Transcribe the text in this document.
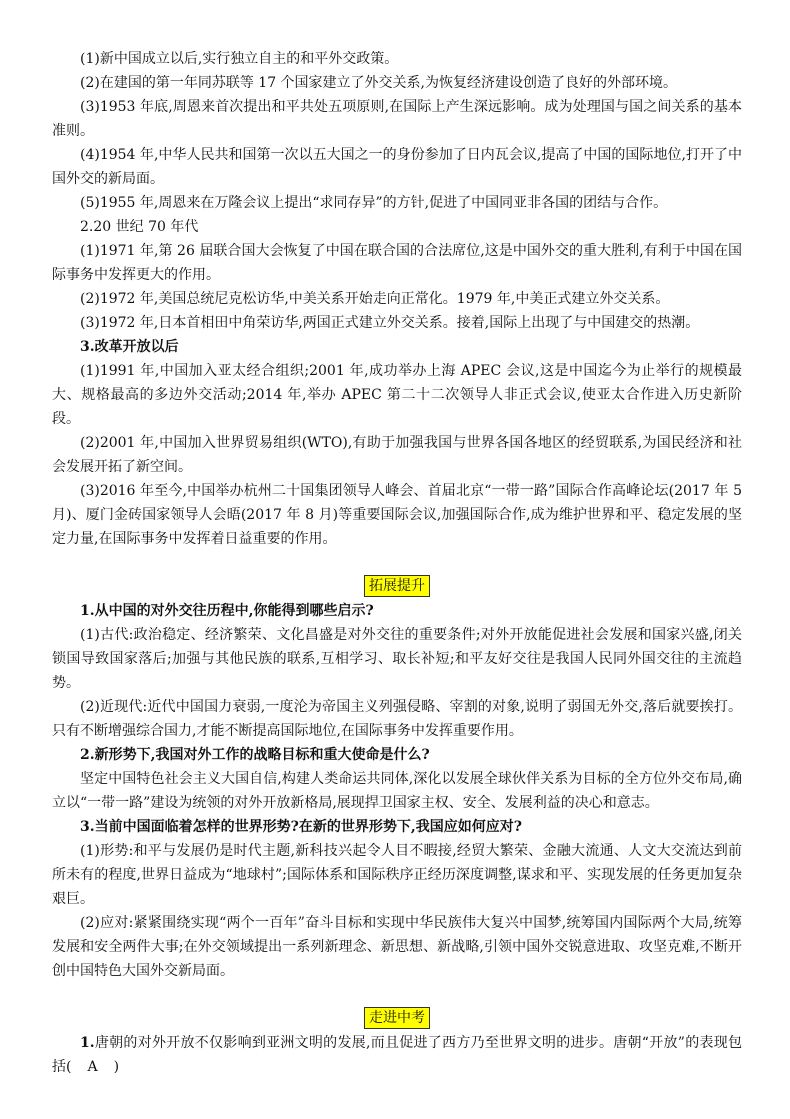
(1)新中国成立以后,实行独立自主的和平外交政策。

(2)在建国的第一年同苏联等 17 个国家建立了外交关系,为恢复经济建设创造了良好的外部环境。

(3)1953 年底,周恩来首次提出和平共处五项原则,在国际上产生深远影响。成为处理国与国之间关系的基本准则。

(4)1954 年,中华人民共和国第一次以五大国之一的身份参加了日内瓦会议,提高了中国的国际地位,打开了中国外交的新局面。

(5)1955 年,周恩来在万隆会议上提出“求同存异”的方针,促进了中国同亚非各国的团结与合作。

2.20 世纪 70 年代

(1)1971 年,第 26 届联合国大会恢复了中国在联合国的合法席位,这是中国外交的重大胜利,有利于中国在国际事务中发挥更大的作用。

(2)1972 年,美国总统尼克松访华,中美关系开始走向正常化。1979 年,中美正式建立外交关系。

(3)1972 年,日本首相田中角荣访华,两国正式建立外交关系。接着,国际上出现了与中国建交的热潮。

3.改革开放以后

(1)1991 年,中国加入亚太经合组织;2001 年,成功举办上海 APEC 会议,这是中国迄今为止举行的规模最大、规格最高的多边外交活动;2014 年,举办 APEC 第二十二次领导人非正式会议,使亚太合作进入历史新阶段。

(2)2001 年,中国加入世界贸易组织(WTO),有助于加强我国与世界各国各地区的经贸联系,为国民经济和社会发展开拓了新空间。

(3)2016 年至今,中国举办杭州二十国集团领导人峰会、首届北京“一带一路”国际合作高峰论坛(2017 年 5 月)、厦门金砖国家领导人会晤(2017 年 8 月)等重要国际会议,加强国际合作,成为维护世界和平、稳定发展的坚定力量,在国际事务中发挥着日益重要的作用。

拓展提升

1.从中国的对外交往历程中,你能得到哪些启示?

(1)古代:政治稳定、经济繁荣、文化昌盛是对外交往的重要条件;对外开放能促进社会发展和国家兴盛,闭关锁国导致国家落后;加强与其他民族的联系,互相学习、取长补短;和平友好交往是我国人民同外国交往的主流趋势。

(2)近现代:近代中国国力衰弱,一度沦为帝国主义列强侵略、宰割的对象,说明了弱国无外交,落后就要挨打。只有不断增强综合国力,才能不断提高国际地位,在国际事务中发挥重要作用。

2.新形势下,我国对外工作的战略目标和重大使命是什么?

坚定中国特色社会主义大国自信,构建人类命运共同体,深化以发展全球伙伴关系为目标的全方位外交布局,确立以“一带一路”建设为统领的对外开放新格局,展现捍卫国家主权、安全、发展利益的决心和意志。

3.当前中国面临着怎样的世界形势?在新的世界形势下,我国应如何应对?

(1)形势:和平与发展仍是时代主题,新科技兴起令人目不暇接,经贸大繁荣、金融大流通、人文大交流达到前所未有的程度,世界日益成为“地球村”;国际体系和国际秩序正经历深度调整,谋求和平、实现发展的任务更加复杂艰巨。

(2)应对:紧紧围绕实现“两个一百年”奋斗目标和实现中华民族伟大复兴中国梦,统筹国内国际两个大局,统筹发展和安全两件大事;在外交领域提出一系列新理念、新思想、新战略,引领中国外交锐意进取、攻坚克难,不断开创中国特色大国外交新局面。

走进中考

1.唐朝的对外开放不仅影响到亚洲文明的发展,而且促进了西方乃至世界文明的进步。唐朝“开放”的表现包括( A )
